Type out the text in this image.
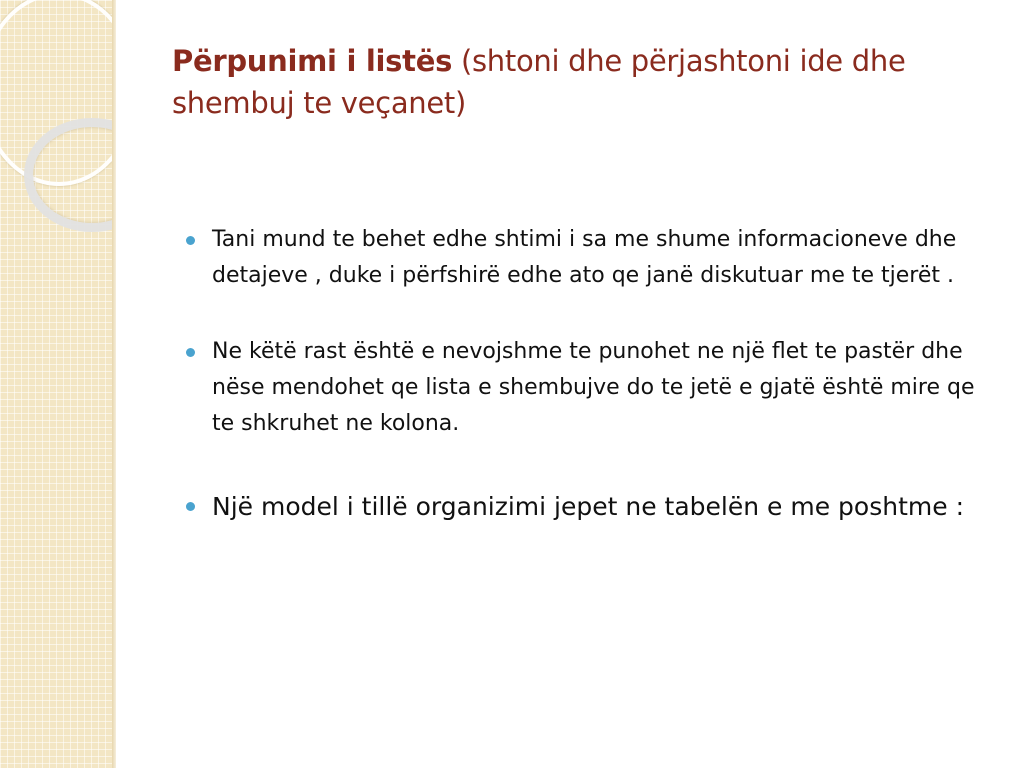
Përpunimi i listës (shtoni dhe përjashtoni ide dhe shembuj te veçanet)
Tani mund te behet edhe shtimi i sa me shume informacioneve dhe detajeve , duke i përfshirë edhe ato qe janë diskutuar me te tjerët .
Ne këtë rast është e nevojshme te punohet ne një flet te pastër dhe nëse mendohet qe lista e shembujve do te jetë e gjatë është mire qe te shkruhet ne kolona.
Një model i tillë organizimi jepet ne tabelën e me poshtme :
